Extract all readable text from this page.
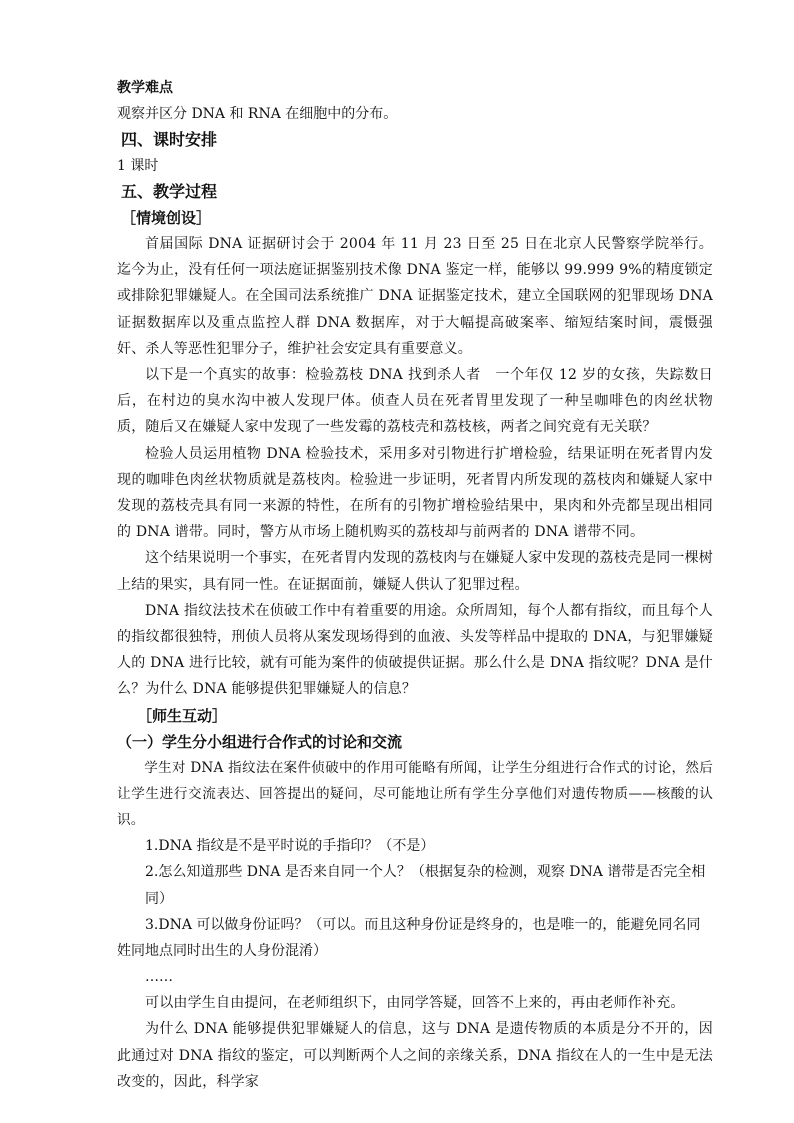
教学难点

观察并区分 DNA 和 RNA 在细胞中的分布。

四、课时安排

1 课时

五、教学过程

［情境创设］

首届国际 DNA 证据研讨会于 2004 年 11 月 23 日至 25 日在北京人民警察学院举行。迄今为止，没有任何一项法庭证据鉴别技术像 DNA 鉴定一样，能够以 99.999 9%的精度锁定或排除犯罪嫌疑人。在全国司法系统推广 DNA 证据鉴定技术，建立全国联网的犯罪现场 DNA 证据数据库以及重点监控人群 DNA 数据库，对于大幅提高破案率、缩短结案时间，震慑强奸、杀人等恶性犯罪分子，维护社会安定具有重要意义。

以下是一个真实的故事：检验荔枝 DNA 找到杀人者　一个年仅 12 岁的女孩，失踪数日后，在村边的臭水沟中被人发现尸体。侦查人员在死者胃里发现了一种呈咖啡色的肉丝状物质，随后又在嫌疑人家中发现了一些发霉的荔枝壳和荔枝核，两者之间究竟有无关联？

检验人员运用植物 DNA 检验技术，采用多对引物进行扩增检验，结果证明在死者胃内发现的咖啡色肉丝状物质就是荔枝肉。检验进一步证明，死者胃内所发现的荔枝肉和嫌疑人家中发现的荔枝壳具有同一来源的特性，在所有的引物扩增检验结果中，果肉和外壳都呈现出相同的 DNA 谱带。同时，警方从市场上随机购买的荔枝却与前两者的 DNA 谱带不同。

这个结果说明一个事实，在死者胃内发现的荔枝肉与在嫌疑人家中发现的荔枝壳是同一棵树上结的果实，具有同一性。在证据面前，嫌疑人供认了犯罪过程。

DNA 指纹法技术在侦破工作中有着重要的用途。众所周知，每个人都有指纹，而且每个人的指纹都很独特，刑侦人员将从案发现场得到的血液、头发等样品中提取的 DNA，与犯罪嫌疑人的 DNA 进行比较，就有可能为案件的侦破提供证据。那么什么是 DNA 指纹呢？DNA 是什么？为什么 DNA 能够提供犯罪嫌疑人的信息？

［师生互动］

（一）学生分小组进行合作式的讨论和交流

学生对 DNA 指纹法在案件侦破中的作用可能略有所闻，让学生分组进行合作式的讨论，然后让学生进行交流表达、回答提出的疑问，尽可能地让所有学生分享他们对遗传物质——核酸的认识。

1.DNA 指纹是不是平时说的手指印？（不是）

2.怎么知道那些 DNA 是否来自同一个人？（根据复杂的检测，观察 DNA 谱带是否完全相同）

3.DNA 可以做身份证吗？（可以。而且这种身份证是终身的，也是唯一的，能避免同名同姓同地点同时出生的人身份混淆）

……

可以由学生自由提问，在老师组织下，由同学答疑，回答不上来的，再由老师作补充。

为什么 DNA 能够提供犯罪嫌疑人的信息，这与 DNA 是遗传物质的本质是分不开的，因此通过对 DNA 指纹的鉴定，可以判断两个人之间的亲缘关系，DNA 指纹在人的一生中是无法改变的，因此，科学家
